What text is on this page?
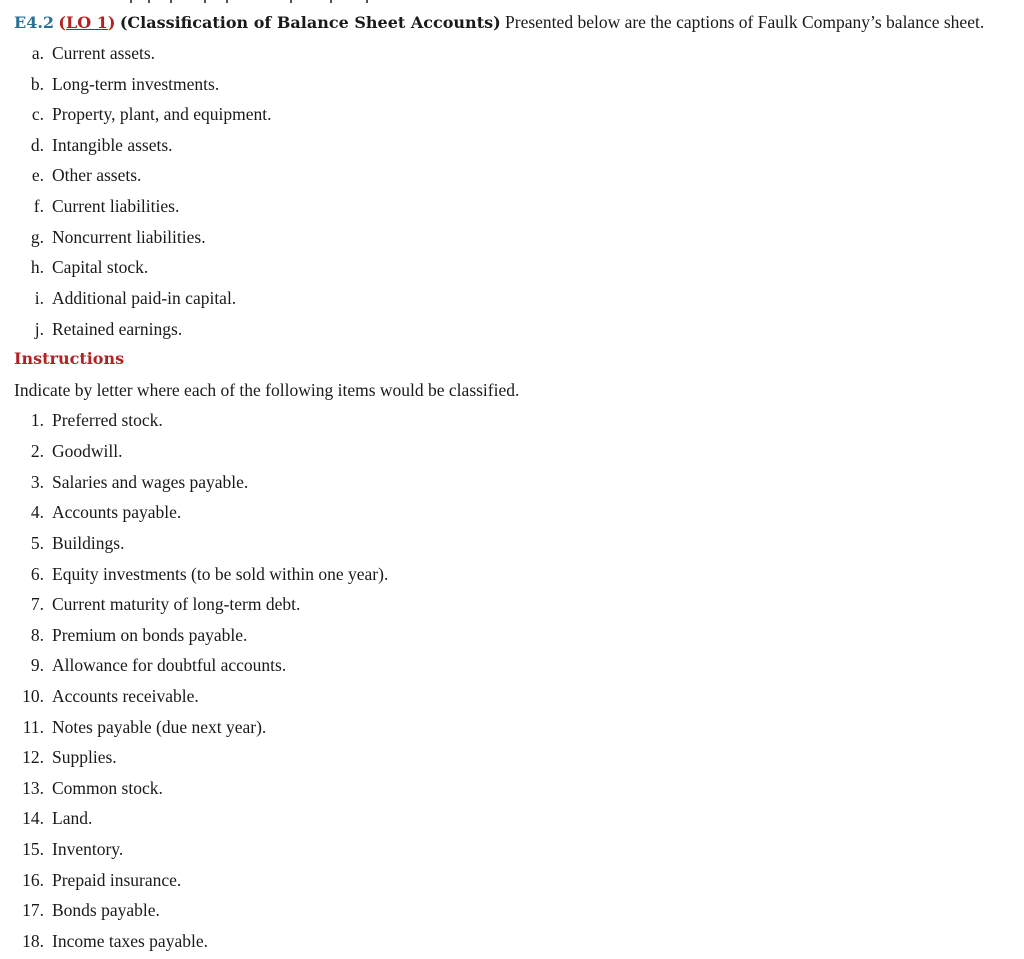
E4.2 (LO 1) (Classification of Balance Sheet Accounts) Presented below are the captions of Faulk Company’s balance sheet.
a. Current assets.
b. Long-term investments.
c. Property, plant, and equipment.
d. Intangible assets.
e. Other assets.
f. Current liabilities.
g. Noncurrent liabilities.
h. Capital stock.
i. Additional paid-in capital.
j. Retained earnings.
Instructions
Indicate by letter where each of the following items would be classified.
1. Preferred stock.
2. Goodwill.
3. Salaries and wages payable.
4. Accounts payable.
5. Buildings.
6. Equity investments (to be sold within one year).
7. Current maturity of long-term debt.
8. Premium on bonds payable.
9. Allowance for doubtful accounts.
10. Accounts receivable.
11. Notes payable (due next year).
12. Supplies.
13. Common stock.
14. Land.
15. Inventory.
16. Prepaid insurance.
17. Bonds payable.
18. Income taxes payable.
